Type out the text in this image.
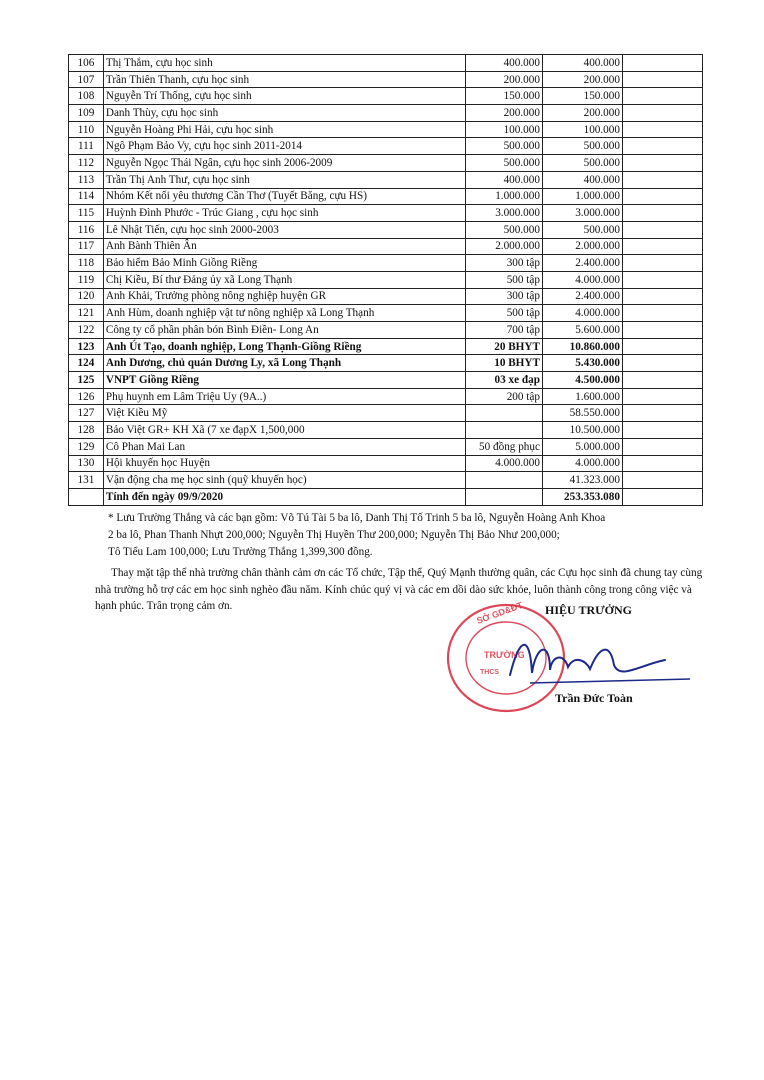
106	Thị Thắm, cựu học sinh	400.000	400.000	
107	Trần Thiên Thanh, cựu học sinh	200.000	200.000	
108	Nguyễn Trí Thống, cựu học sinh	150.000	150.000	
109	Danh Thùy, cựu học sinh	200.000	200.000	
110	Nguyễn Hoàng Phi Hải, cựu học sinh	100.000	100.000	
111	Ngô Phạm Bảo Vy, cựu học sinh 2011-2014	500.000	500.000	
112	Nguyễn Ngọc Thái Ngân, cựu học sinh 2006-2009	500.000	500.000	
113	Trần Thị Anh Thư, cựu học sinh	400.000	400.000	
114	Nhóm Kết nối yêu thương Cần Thơ (Tuyết Băng, cựu HS)	1.000.000	1.000.000	
115	Huỳnh Đình Phước - Trúc Giang , cựu học sinh	3.000.000	3.000.000	
116	Lê Nhật Tiến, cựu học sinh 2000-2003	500.000	500.000	
117	Anh Bành Thiên Ân	2.000.000	2.000.000	
118	Bảo hiểm Bảo Minh Giồng Riềng	300 tập	2.400.000	
119	Chị Kiều, Bí thư Đảng ủy xã Long Thạnh	500 tập	4.000.000	
120	Anh Khải, Trưởng phòng nông nghiệp huyện GR	300 tập	2.400.000	
121	Anh Hùm, doanh nghiệp vật tư nông nghiệp xã Long Thạnh	500 tập	4.000.000	
122	Công ty cổ phần phân bón Bình Điền- Long An	700 tập	5.600.000	
123	Anh Út Tạo, doanh nghiệp, Long Thạnh-Giồng Riềng	20 BHYT	10.860.000	
124	Anh Dương, chủ quán Dương Ly, xã Long Thạnh	10 BHYT	5.430.000	
125	VNPT Giồng Riềng	03 xe đạp	4.500.000	
126	Phụ huynh em Lâm Triệu Uy (9A..)	200 tập	1.600.000	
127	Việt Kiều Mỹ		58.550.000	
128	Bảo Việt GR+ KH Xã (7 xe đạpX 1,500,000		10.500.000	
129	Cô Phan Mai Lan	50 đồng phục	5.000.000	
130	Hội khuyến học Huyện	4.000.000	4.000.000	
131	Vận động cha mẹ học sinh (quỹ khuyến học)		41.323.000	
	Tính đến ngày 09/9/2020		253.353.080	

* Lưu Trường Thắng và các bạn gồm: Võ Tú Tài 5 ba lô, Danh Thị Tố Trinh 5 ba lô, Nguyễn Hoàng Anh Khoa

2 ba lô, Phan Thanh Nhựt 200,000; Nguyễn Thị Huyền Thư 200,000; Nguyễn Thị Bảo Như 200,000;

Tô Tiểu Lam 100,000; Lưu Trường Thắng 1,399,300 đồng.

Thay mặt tập thể nhà trường chân thành cảm ơn các Tổ chức, Tập thể, Quý Mạnh thường quân, các Cựu học sinh đã chung tay cùng nhà trường hỗ trợ các em học sinh nghèo đầu năm. Kính chúc quý vị và các em dồi dào sức khỏe, luôn thành công trong công việc và hạnh phúc. Trân trọng cảm ơn.	SỞ GD&ĐT
TRƯỜNG
THCS
HIỆU TRƯỞNG
Trần Đức Toàn
